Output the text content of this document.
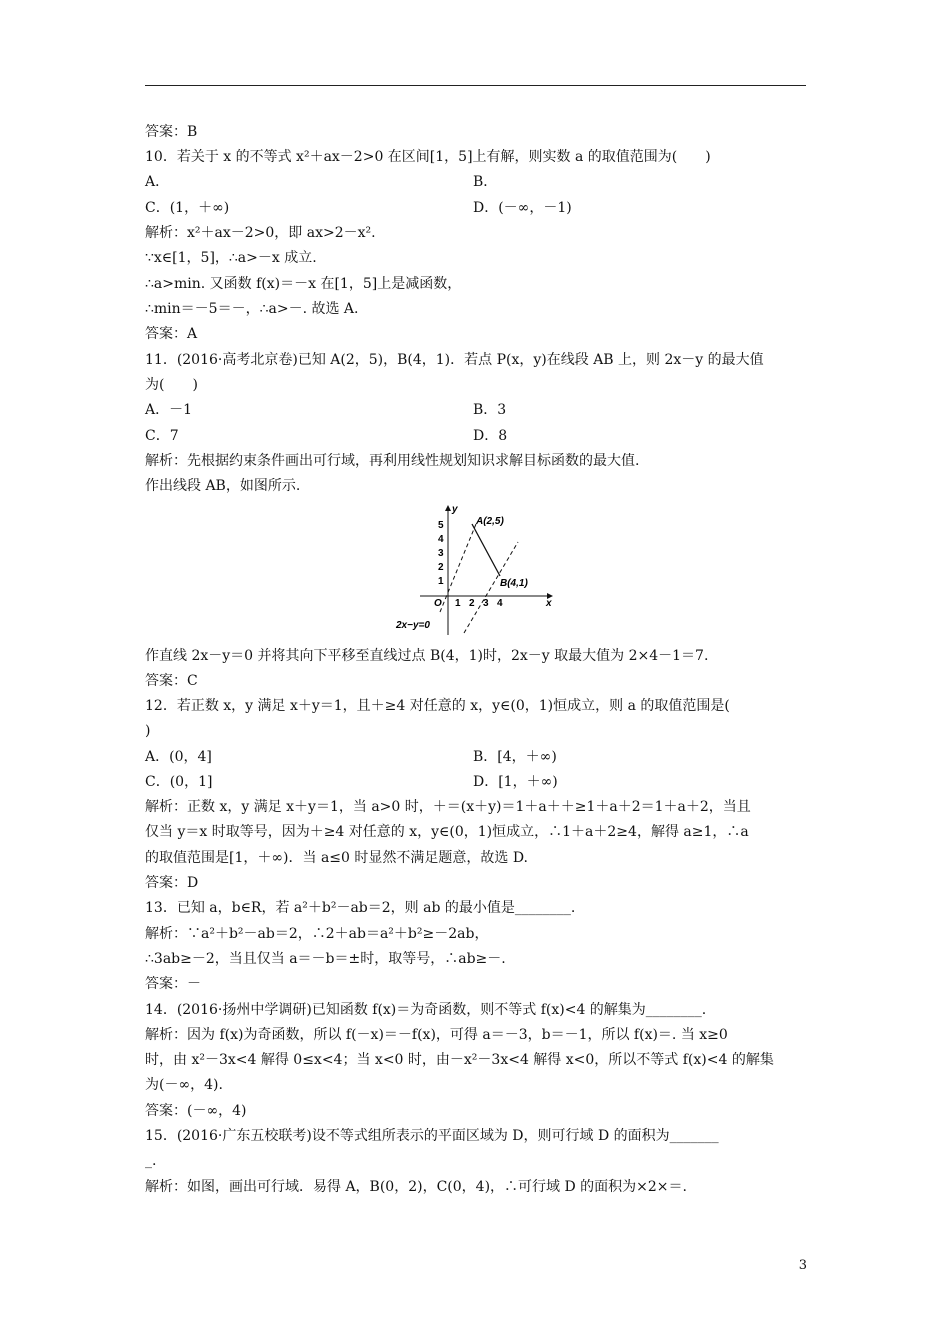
答案：B
10．若关于 x 的不等式 x²＋ax－2>0 在区间[1，5]上有解，则实数 a 的取值范围为(　　)
A．	B．
C．(1，＋∞)	D．(－∞，－1)
解析：x²＋ax－2>0，即 ax>2－x².
∵x∈[1，5]，∴a>－x 成立.
∴a>min. 又函数 f(x)＝－x 在[1，5]上是减函数，
∴min＝－5＝－，∴a>－. 故选 A.
答案：A
11．(2016·高考北京卷)已知 A(2，5)，B(4，1)．若点 P(x，y)在线段 AB 上，则 2x－y 的最大值
为(　　)
A．－1	B．3
C．7	D．8
解析：先根据约束条件画出可行域，再利用线性规划知识求解目标函数的最大值.
作出线段 AB，如图所示.
作直线 2x－y＝0 并将其向下平移至直线过点 B(4，1)时，2x－y 取最大值为 2×4－1＝7.
答案：C
12．若正数 x，y 满足 x＋y＝1，且＋≥4 对任意的 x，y∈(0，1)恒成立，则 a 的取值范围是(
)
A．(0，4]	B．[4，＋∞)
C．(0，1]	D．[1，＋∞)
解析：正数 x，y 满足 x＋y＝1，当 a>0 时，＋＝(x＋y)＝1＋a＋＋≥1＋a＋2＝1＋a＋2，当且
仅当 y＝x 时取等号，因为＋≥4 对任意的 x，y∈(0，1)恒成立，∴1＋a＋2≥4，解得 a≥1，∴a
的取值范围是[1，＋∞)．当 a≤0 时显然不满足题意，故选 D.
答案：D
13．已知 a，b∈R，若 a²＋b²－ab＝2，则 ab 的最小值是________.
解析：∵a²＋b²－ab＝2，∴2＋ab＝a²＋b²≥－2ab，
∴3ab≥－2，当且仅当 a＝－b＝±时，取等号，∴ab≥－.
答案：－
14．(2016·扬州中学调研)已知函数 f(x)＝为奇函数，则不等式 f(x)<4 的解集为________.
解析：因为 f(x)为奇函数，所以 f(－x)＝－f(x)，可得 a＝－3，b＝－1，所以 f(x)＝. 当 x≥0
时，由 x²－3x<4 解得 0≤x<4；当 x<0 时，由－x²－3x<4 解得 x<0，所以不等式 f(x)<4 的解集
为(－∞，4).
答案：(－∞，4)
15．(2016·广东五校联考)设不等式组所表示的平面区域为 D，则可行域 D 的面积为_______
_.
解析：如图，画出可行域．易得 A，B(0，2)，C(0，4)，∴可行域 D 的面积为×2×＝.
y
x
O 1 2 3 4
1
2
3
4
5	A(2,5)
B(4,1)
2x−y=0
3
